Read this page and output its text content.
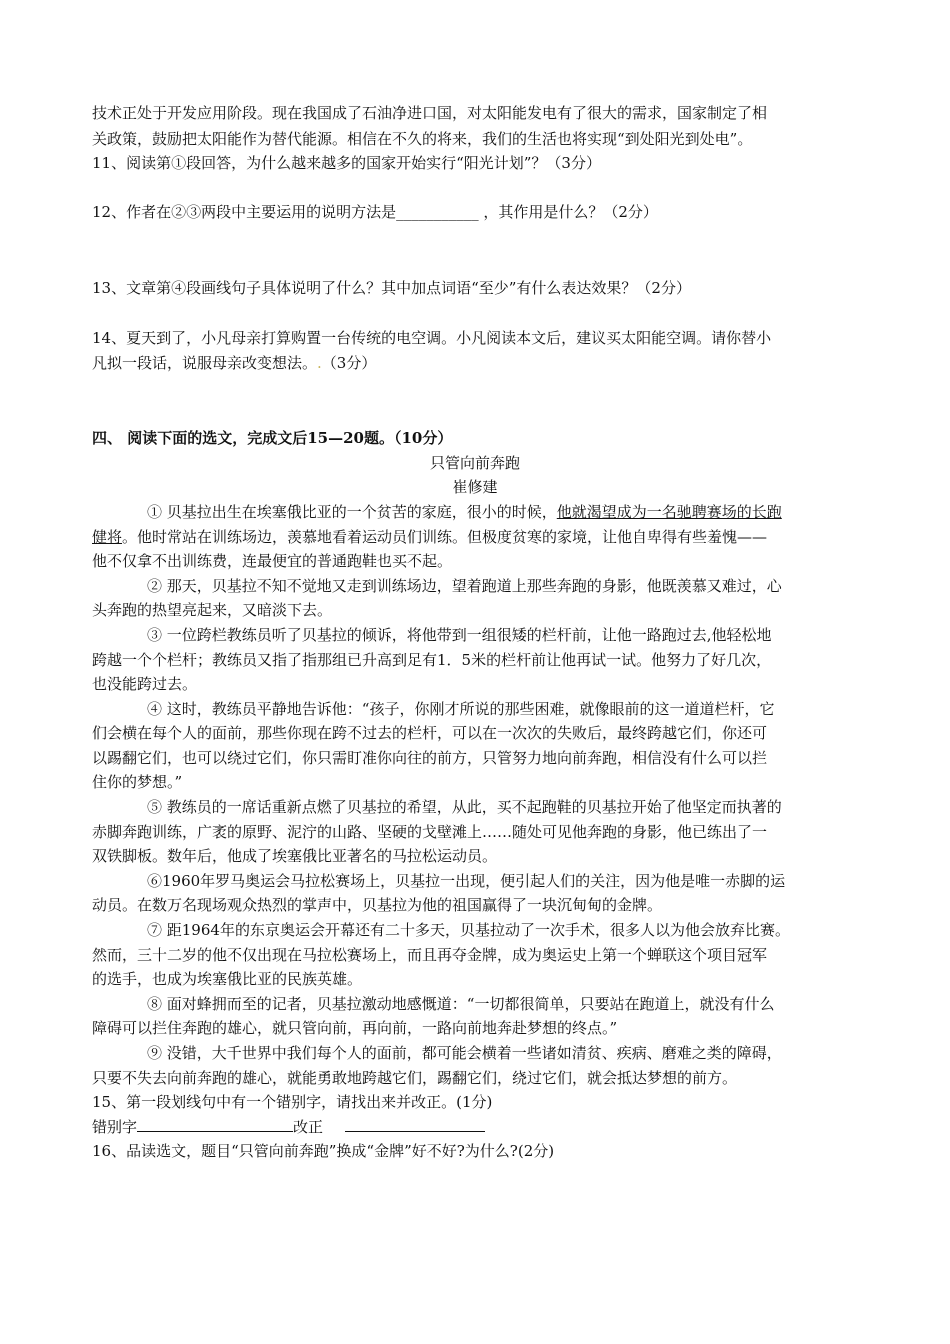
技术正处于开发应用阶段。现在我国成了石油净进口国，对太阳能发电有了很大的需求，国家制定了相
关政策，鼓励把太阳能作为替代能源。相信在不久的将来，我们的生活也将实现“到处阳光到处电”。
11、阅读第①段回答，为什么越来越多的国家开始实行“阳光计划”？（3分）
12、作者在②③两段中主要运用的说明方法是___________ ，其作用是什么？（2分）
13、文章第④段画线句子具体说明了什么？其中加点词语“至少”有什么表达效果？（2分）
14、夏天到了，小凡母亲打算购置一台传统的电空调。小凡阅读本文后，建议买太阳能空调。请你替小
凡拟一段话，说服母亲改变想法。.（3分）
四、 阅读下面的选文，完成文后15—20题。（10分）
只管向前奔跑
崔修建
① 贝基拉出生在埃塞俄比亚的一个贫苦的家庭，很小的时候，他就渴望成为一名驰聘赛场的长跑
健将。他时常站在训练场边，羡慕地看着运动员们训练。但极度贫寒的家境，让他自卑得有些羞愧——
他不仅拿不出训练费，连最便宜的普通跑鞋也买不起。
② 那天，贝基拉不知不觉地又走到训练场边，望着跑道上那些奔跑的身影，他既羡慕又难过，心
头奔跑的热望亮起来，又暗淡下去。
③ 一位跨栏教练员听了贝基拉的倾诉，将他带到一组很矮的栏杆前，让他一路跑过去,他轻松地
跨越一个个栏杆；教练员又指了指那组已升高到足有1．5米的栏杆前让他再试一试。他努力了好几次，
也没能跨过去。
④ 这时，教练员平静地告诉他：“孩子，你刚才所说的那些困难，就像眼前的这一道道栏杆，它
们会横在每个人的面前，那些你现在跨不过去的栏杆，可以在一次次的失败后，最终跨越它们，你还可
以踢翻它们，也可以绕过它们，你只需盯准你向往的前方，只管努力地向前奔跑，相信没有什么可以拦
住你的梦想。”
⑤ 教练员的一席话重新点燃了贝基拉的希望，从此，买不起跑鞋的贝基拉开始了他坚定而执著的
赤脚奔跑训练，广袤的原野、泥泞的山路、坚硬的戈壁滩上……随处可见他奔跑的身影，他已练出了一
双铁脚板。数年后，他成了埃塞俄比亚著名的马拉松运动员。
⑥1960年罗马奥运会马拉松赛场上，贝基拉一出现，便引起人们的关注，因为他是唯一赤脚的运
动员。在数万名现场观众热烈的掌声中，贝基拉为他的祖国赢得了一块沉甸甸的金牌。
⑦ 距1964年的东京奥运会开幕还有二十多天，贝基拉动了一次手术，很多人以为他会放弃比赛。
然而，三十二岁的他不仅出现在马拉松赛场上，而且再夺金牌，成为奥运史上第一个蝉联这个项目冠军
的选手，也成为埃塞俄比亚的民族英雄。
⑧ 面对蜂拥而至的记者，贝基拉激动地感慨道：“一切都很简单，只要站在跑道上，就没有什么
障碍可以拦住奔跑的雄心，就只管向前，再向前，一路向前地奔赴梦想的终点。”
⑨ 没错，大千世界中我们每个人的面前，都可能会横着一些诸如清贫、疾病、磨难之类的障碍，
只要不失去向前奔跑的雄心，就能勇敢地跨越它们，踢翻它们，绕过它们，就会抵达梦想的前方。
15、第一段划线句中有一个错别字，请找出来并改正。(1分)
错别字	改正
16、品读选文，题目“只管向前奔跑”换成“金牌”好不好?为什么?(2分)
